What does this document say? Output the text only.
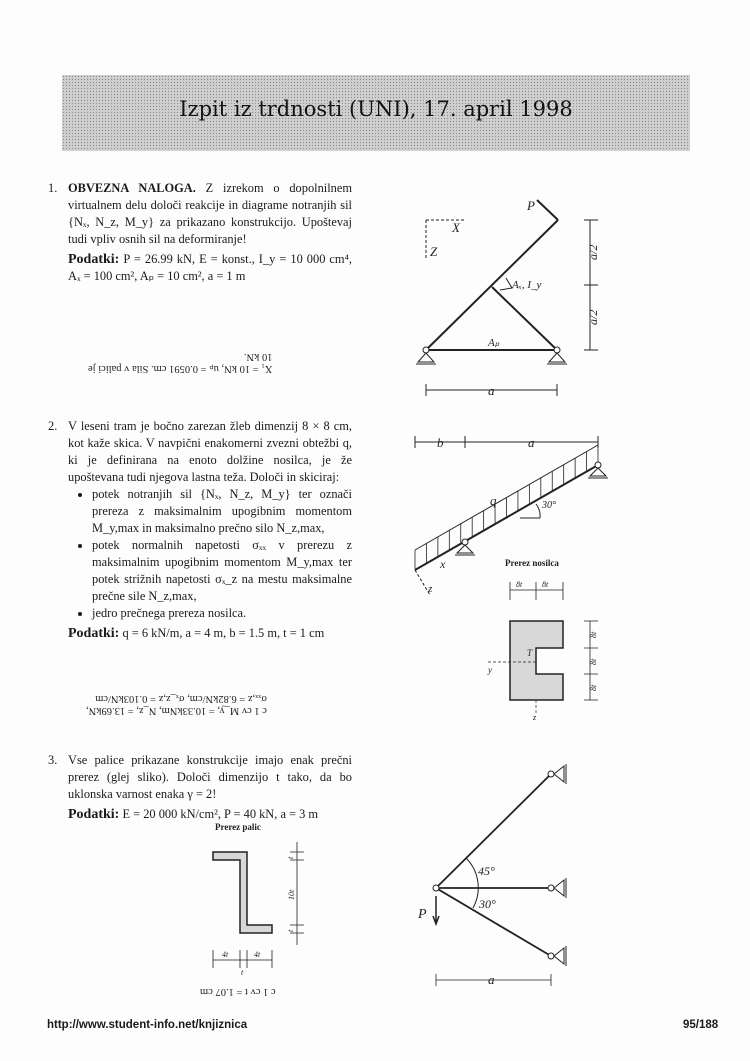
Izpit iz trdnosti (UNI), 17. april 1998
1. OBVEZNA NALOGA. Z izrekom o dopolnilnem virtualnem delu določi reakcije in diagrame notranjih sil {Nₓ, N_z, M_y} za prikazano konstrukcijo. Upoštevaj tudi vpliv osnih sil na deformiranje!
Podatki: P = 26.99 kN, E = konst., I_y = 10 000 cm⁴, Aₓ = 100 cm², Aₚ = 10 cm², a = 1 m
X₁ = 10 kN, uₚ = 0.0591 cm. Sila v palici je
10 kN.
2. V leseni tram je bočno zarezan žleb dimenzij 8 × 8 cm, kot kaže skica. V navpični enakomerni zvezni obtežbi q, ki je definirana na enoto dolžine nosilca, je že upoštevana tudi njegova lastna teža. Določi in skiciraj:
• potek notranjih sil {Nₓ, N_z, M_y} ter označi prereza z maksimalnim upogibnim momentom M_y,max in maksimalno prečno silo N_z,max,
• potek normalnih napetosti σₓₓ v prerezu z maksimalnim upogibnim momentom M_y,max ter potek strižnih napetosti σₓ_z na mestu maksimalne prečne sile N_z,max,
• jedro prečnega prereza nosilca.
Podatki: q = 6 kN/m, a = 4 m, b = 1.5 m, t = 1 cm
c 1 cv M_y, = 10.33kNm, N_z, = 13.69kN,
σₓₓ,z = 6.82kN/cm, σₓ_z,z = 0.103kN/cm
3. Vse palice prikazane konstrukcije imajo enak prečni prerez (glej sliko). Določi dimenzijo t tako, da bo uklonska varnost enaka γ = 2!
Podatki: E = 20 000 kN/cm², P = 40 kN, a = 3 m
c 1 cv t = 1.07 cm
X
Z
P
Aₓ, I_y
Aₚ
a/2
a/2
a
b	a
q	30°
x
z
Prerez nosilca
8t 8t
T
y
z
8t
8t
8t
Prerez palic
t
10t
t
4t	4t
t
45°
30°
P
a
http://www.student-info.net/knjiznica	95/188
